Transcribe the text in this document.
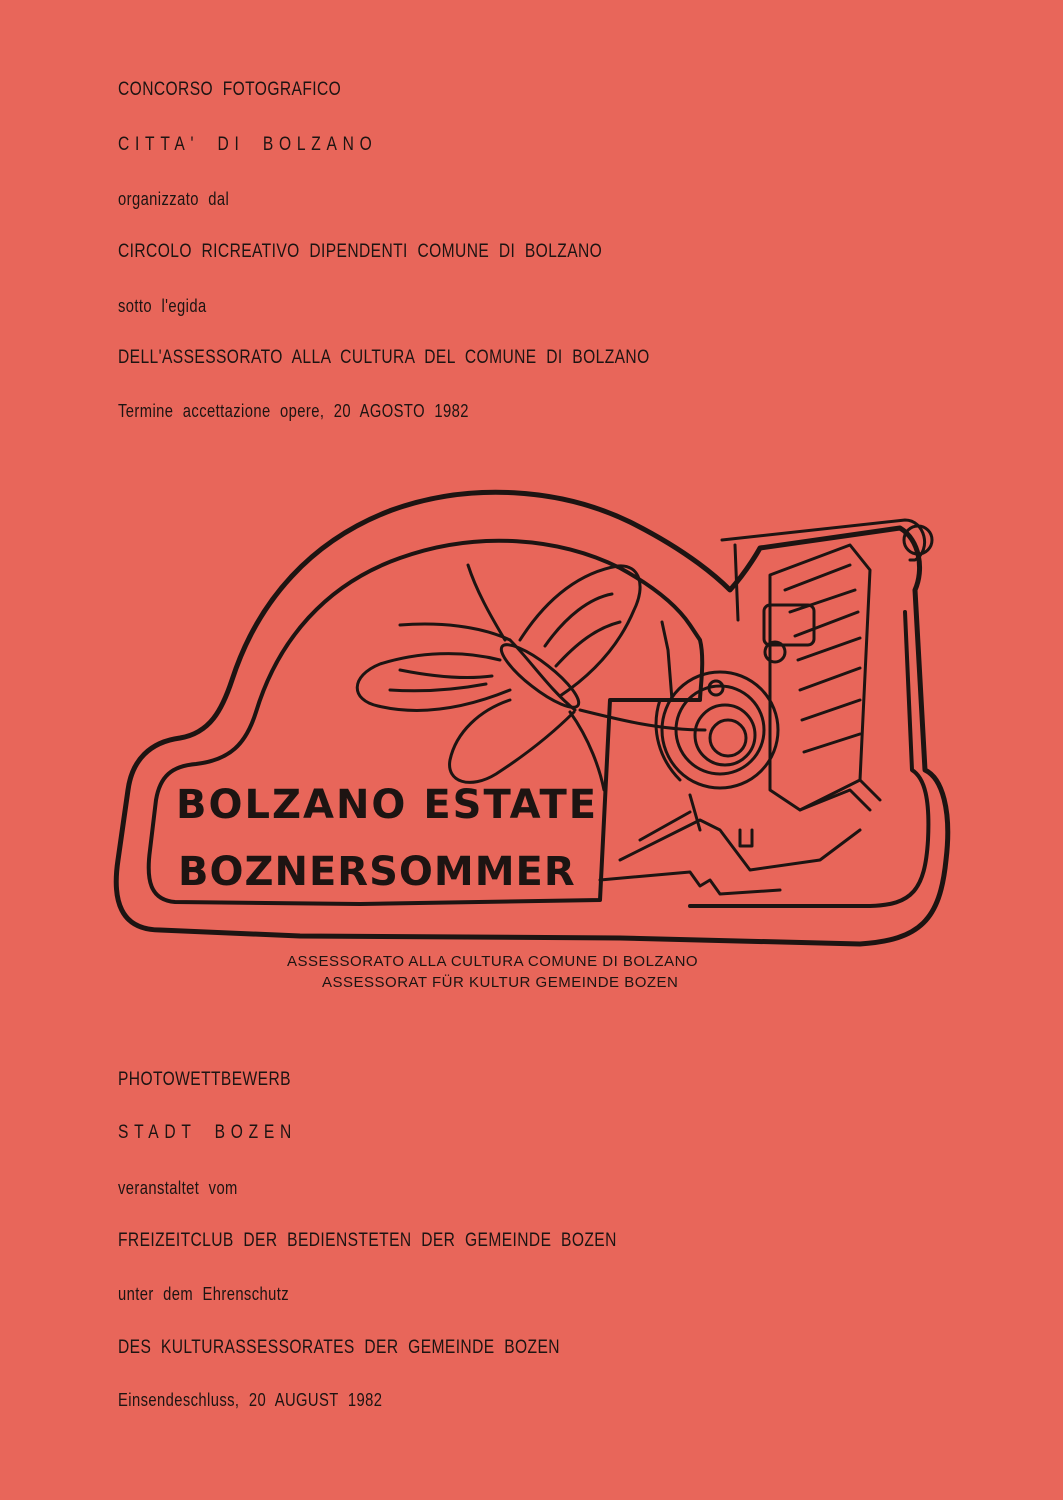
CONCORSO FOTOGRAFICO

CITTA' DI BOLZANO

organizzato dal

CIRCOLO RICREATIVO DIPENDENTI COMUNE DI BOLZANO

sotto l'egida

DELL'ASSESSORATO ALLA CULTURA DEL COMUNE DI BOLZANO

Termine accettazione opere, 20 AGOSTO 1982

BOLZANO ESTATE
BOZNERSOMMER
ASSESSORATO ALLA CULTURA COMUNE DI BOLZANO
ASSESSORAT FÜR KULTUR GEMEINDE BOZEN

PHOTOWETTBEWERB

STADT BOZEN

veranstaltet vom

FREIZEITCLUB DER BEDIENSTETEN DER GEMEINDE BOZEN

unter dem Ehrenschutz

DES KULTURASSESSORATES DER GEMEINDE BOZEN

Einsendeschluss, 20 AUGUST 1982
